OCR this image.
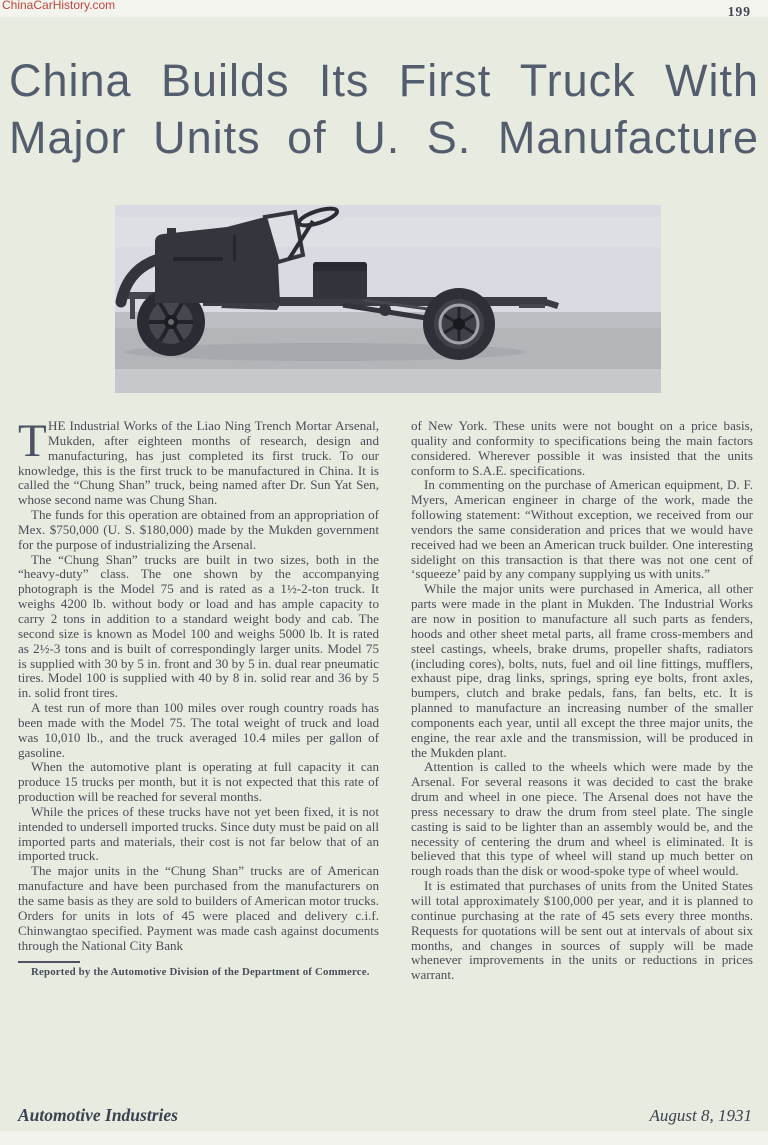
ChinaCarHistory.com	199
China Builds Its First Truck With
Major Units of U. S. Manufacture

THE Industrial Works of the Liao Ning Trench Mortar Arsenal, Mukden, after eighteen months of research, design and manufacturing, has just completed its first truck. To our knowledge, this is the first truck to be manufactured in China. It is called the “Chung Shan” truck, being named after Dr. Sun Yat Sen, whose second name was Chung Shan.

The funds for this operation are obtained from an appropriation of Mex. $750,000 (U. S. $180,000) made by the Mukden government for the purpose of industrializing the Arsenal.

The “Chung Shan” trucks are built in two sizes, both in the “heavy-duty” class. The one shown by the accompanying photograph is the Model 75 and is rated as a 1½-2-ton truck. It weighs 4200 lb. without body or load and has ample capacity to carry 2 tons in addition to a standard weight body and cab. The second size is known as Model 100 and weighs 5000 lb. It is rated as 2½-3 tons and is built of correspondingly larger units. Model 75 is supplied with 30 by 5 in. front and 30 by 5 in. dual rear pneumatic tires. Model 100 is supplied with 40 by 8 in. solid rear and 36 by 5 in. solid front tires.

A test run of more than 100 miles over rough country roads has been made with the Model 75. The total weight of truck and load was 10,010 lb., and the truck averaged 10.4 miles per gallon of gasoline.

When the automotive plant is operating at full capacity it can produce 15 trucks per month, but it is not expected that this rate of production will be reached for several months.

While the prices of these trucks have not yet been fixed, it is not intended to undersell imported trucks. Since duty must be paid on all imported parts and materials, their cost is not far below that of an imported truck.

The major units in the “Chung Shan” trucks are of American manufacture and have been purchased from the manufacturers on the same basis as they are sold to builders of American motor trucks. Orders for units in lots of 45 were placed and delivery c.i.f. Chinwangtao specified. Payment was made cash against documents through the National City Bank

Reported by the Automotive Division of the Department of Commerce.

of New York. These units were not bought on a price basis, quality and conformity to specifications being the main factors considered. Wherever possible it was insisted that the units conform to S.A.E. specifications.

In commenting on the purchase of American equipment, D. F. Myers, American engineer in charge of the work, made the following statement: “Without exception, we received from our vendors the same consideration and prices that we would have received had we been an American truck builder. One interesting sidelight on this transaction is that there was not one cent of ‘squeeze’ paid by any company supplying us with units.”

While the major units were purchased in America, all other parts were made in the plant in Mukden. The Industrial Works are now in position to manufacture all such parts as fenders, hoods and other sheet metal parts, all frame cross-members and steel castings, wheels, brake drums, propeller shafts, radiators (including cores), bolts, nuts, fuel and oil line fittings, mufflers, exhaust pipe, drag links, springs, spring eye bolts, front axles, bumpers, clutch and brake pedals, fans, fan belts, etc. It is planned to manufacture an increasing number of the smaller components each year, until all except the three major units, the engine, the rear axle and the transmission, will be produced in the Mukden plant.

Attention is called to the wheels which were made by the Arsenal. For several reasons it was decided to cast the brake drum and wheel in one piece. The Arsenal does not have the press necessary to draw the drum from steel plate. The single casting is said to be lighter than an assembly would be, and the necessity of centering the drum and wheel is eliminated. It is believed that this type of wheel will stand up much better on rough roads than the disk or wood-spoke type of wheel would.

It is estimated that purchases of units from the United States will total approximately $100,000 per year, and it is planned to continue purchasing at the rate of 45 sets every three months. Requests for quotations will be sent out at intervals of about six months, and changes in sources of supply will be made whenever improvements in the units or reductions in prices warrant.

Automotive Industries	August 8, 1931
